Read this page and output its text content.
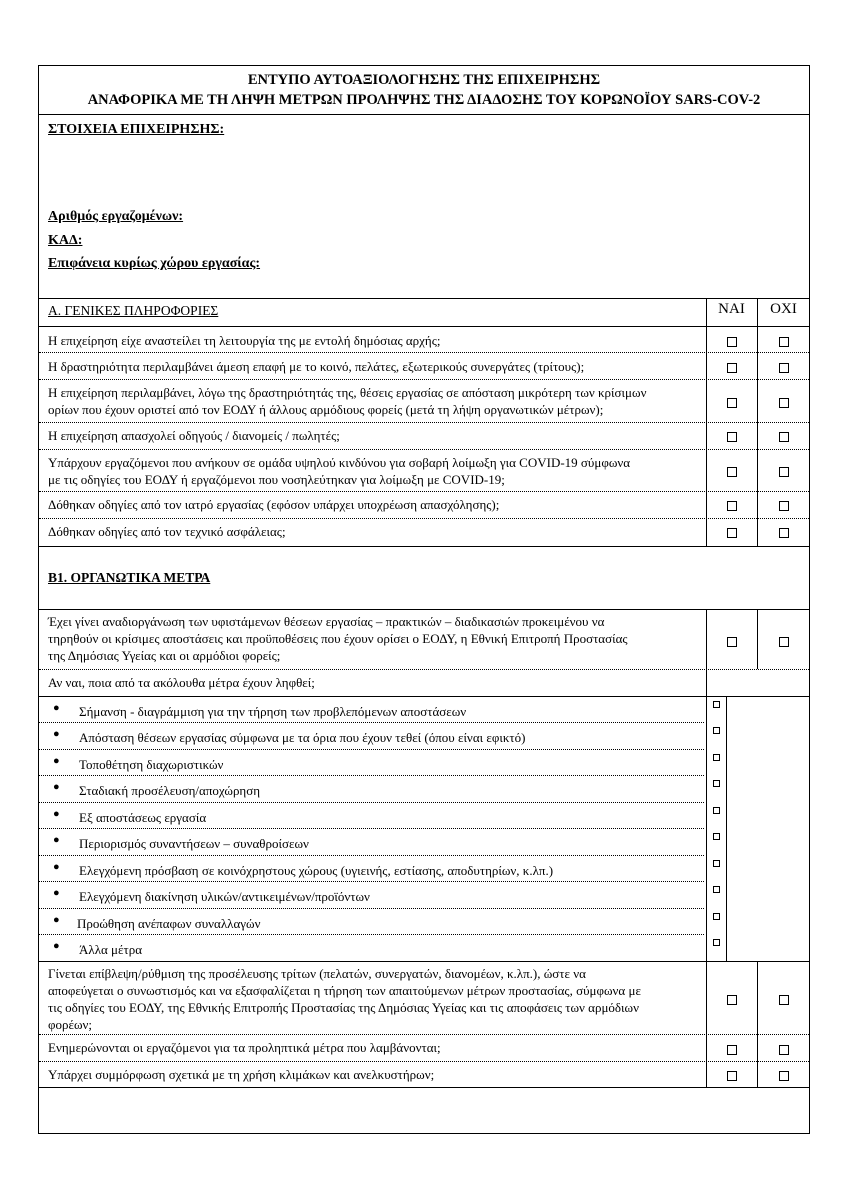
ΕΝΤΥΠΟ ΑΥΤΟΑΞΙΟΛΟΓΗΣΗΣ ΤΗΣ ΕΠΙΧΕΙΡΗΣΗΣ
ΑΝΑΦΟΡΙΚΑ ΜΕ ΤΗ ΛΗΨΗ ΜΕΤΡΩΝ ΠΡΟΛΗΨΗΣ ΤΗΣ ΔΙΑΔΟΣΗΣ ΤΟΥ ΚΟΡΩΝΟΪΟΥ SARS-COV-2
ΣΤΟΙΧΕΙΑ ΕΠΙΧΕΙΡΗΣΗΣ:
Αριθμός εργαζομένων:
ΚΑΔ:
Επιφάνεια κυρίως χώρου εργασίας:
Α. ΓΕΝΙΚΕΣ ΠΛΗΡΟΦΟΡΙΕΣ	ΝΑΙ	ΟΧΙ
Η επιχείρηση είχε αναστείλει τη λειτουργία της με εντολή δημόσιας αρχής;
Η δραστηριότητα περιλαμβάνει άμεση επαφή με το κοινό, πελάτες, εξωτερικούς συνεργάτες (τρίτους);
Η επιχείρηση περιλαμβάνει, λόγω της δραστηριότητάς της, θέσεις εργασίας σε απόσταση μικρότερη των κρίσιμων
ορίων που έχουν οριστεί από τον ΕΟΔΥ ή άλλους αρμόδιους φορείς (μετά τη λήψη οργανωτικών μέτρων);
Η επιχείρηση απασχολεί οδηγούς / διανομείς / πωλητές;
Υπάρχουν εργαζόμενοι που ανήκουν σε ομάδα υψηλού κινδύνου για σοβαρή λοίμωξη για COVID-19 σύμφωνα
με τις οδηγίες του ΕΟΔΥ ή εργαζόμενοι που νοσηλεύτηκαν για λοίμωξη με COVID-19;
Δόθηκαν οδηγίες από τον ιατρό εργασίας (εφόσον υπάρχει υποχρέωση απασχόλησης);
Δόθηκαν οδηγίες από τον τεχνικό ασφάλειας;
Β1. ΟΡΓΑΝΩΤΙΚΑ ΜΕΤΡΑ
Έχει γίνει αναδιοργάνωση των υφιστάμενων θέσεων εργασίας – πρακτικών – διαδικασιών προκειμένου να
τηρηθούν οι κρίσιμες αποστάσεις και προϋποθέσεις που έχουν ορίσει ο ΕΟΔΥ, η Εθνική Επιτροπή Προστασίας
της Δημόσιας Υγείας και οι αρμόδιοι φορείς;
Αν ναι, ποια από τα ακόλουθα μέτρα έχουν ληφθεί;
● Σήμανση - διαγράμμιση για την τήρηση των προβλεπόμενων αποστάσεων
● Απόσταση θέσεων εργασίας σύμφωνα με τα όρια που έχουν τεθεί (όπου είναι εφικτό)
● Τοποθέτηση διαχωριστικών
● Σταδιακή προσέλευση/αποχώρηση
● Εξ αποστάσεως εργασία
● Περιορισμός συναντήσεων – συναθροίσεων
● Ελεγχόμενη πρόσβαση σε κοινόχρηστους χώρους (υγιεινής, εστίασης, αποδυτηρίων, κ.λπ.)
● Ελεγχόμενη διακίνηση υλικών/αντικειμένων/προϊόντων
● Προώθηση ανέπαφων συναλλαγών
● Άλλα μέτρα
Γίνεται επίβλεψη/ρύθμιση της προσέλευσης τρίτων (πελατών, συνεργατών, διανομέων, κ.λπ.), ώστε να
αποφεύγεται ο συνωστισμός και να εξασφαλίζεται η τήρηση των απαιτούμενων μέτρων προστασίας, σύμφωνα με
τις οδηγίες του ΕΟΔΥ, της Εθνικής Επιτροπής Προστασίας της Δημόσιας Υγείας και τις αποφάσεις των αρμόδιων
φορέων;
Ενημερώνονται οι εργαζόμενοι για τα προληπτικά μέτρα που λαμβάνονται;
Υπάρχει συμμόρφωση σχετικά με τη χρήση κλιμάκων και ανελκυστήρων;
